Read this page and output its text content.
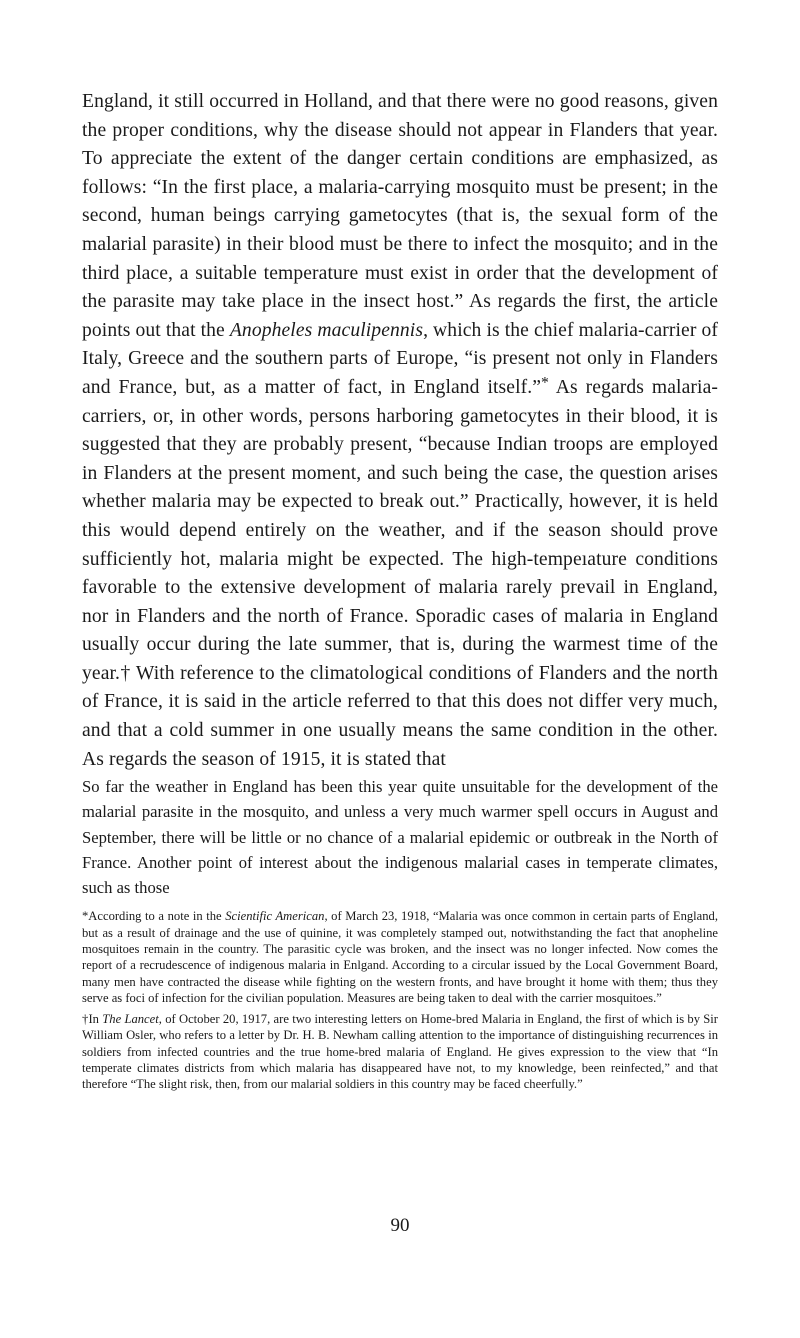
England, it still occurred in Holland, and that there were no good reasons, given the proper conditions, why the disease should not appear in Flanders that year. To appreciate the extent of the danger certain conditions are emphasized, as follows: “In the first place, a malaria-carrying mosquito must be present; in the second, human beings carrying gametocytes (that is, the sexual form of the malarial parasite) in their blood must be there to infect the mosquito; and in the third place, a suitable temperature must exist in order that the development of the parasite may take place in the insect host.” As regards the first, the article points out that the Anopheles maculipennis, which is the chief malaria-carrier of Italy, Greece and the southern parts of Europe, “is present not only in Flanders and France, but, as a matter of fact, in England itself.”* As regards malaria-carriers, or, in other words, persons harboring gametocytes in their blood, it is suggested that they are probably present, “because Indian troops are employed in Flanders at the present moment, and such being the case, the question arises whether malaria may be expected to break out.” Practically, however, it is held this would depend entirely on the weather, and if the season should prove sufficiently hot, malaria might be expected. The high-tempeıature conditions favorable to the extensive development of malaria rarely prevail in England, nor in Flanders and the north of France. Sporadic cases of malaria in England usually occur during the late summer, that is, during the warmest time of the year.† With reference to the climatological conditions of Flanders and the north of France, it is said in the article referred to that this does not differ very much, and that a cold summer in one usually means the same condition in the other. As regards the season of 1915, it is stated that

So far the weather in England has been this year quite unsuitable for the development of the malarial parasite in the mosquito, and unless a very much warmer spell occurs in August and September, there will be little or no chance of a malarial epidemic or outbreak in the North of France. Another point of interest about the indigenous malarial cases in temperate climates, such as those

*According to a note in the Scientific American, of March 23, 1918, “Malaria was once common in certain parts of England, but as a result of drainage and the use of quinine, it was completely stamped out, notwithstanding the fact that anopheline mosquitoes remain in the country. The parasitic cycle was broken, and the insect was no longer infected. Now comes the report of a recrudescence of indigenous malaria in Enlgand. According to a circular issued by the Local Government Board, many men have contracted the disease while fighting on the western fronts, and have brought it home with them; thus they serve as foci of infection for the civilian population. Measures are being taken to deal with the carrier mosquitoes.”

†In The Lancet, of October 20, 1917, are two interesting letters on Home-bred Malaria in England, the first of which is by Sir William Osler, who refers to a letter by Dr. H. B. Newham calling attention to the importance of distinguishing recurrences in soldiers from infected countries and the true home-bred malaria of England. He gives expression to the view that “In temperate climates districts from which malaria has disappeared have not, to my knowledge, been reinfected,” and that therefore “The slight risk, then, from our malarial soldiers in this country may be faced cheerfully.”

90
